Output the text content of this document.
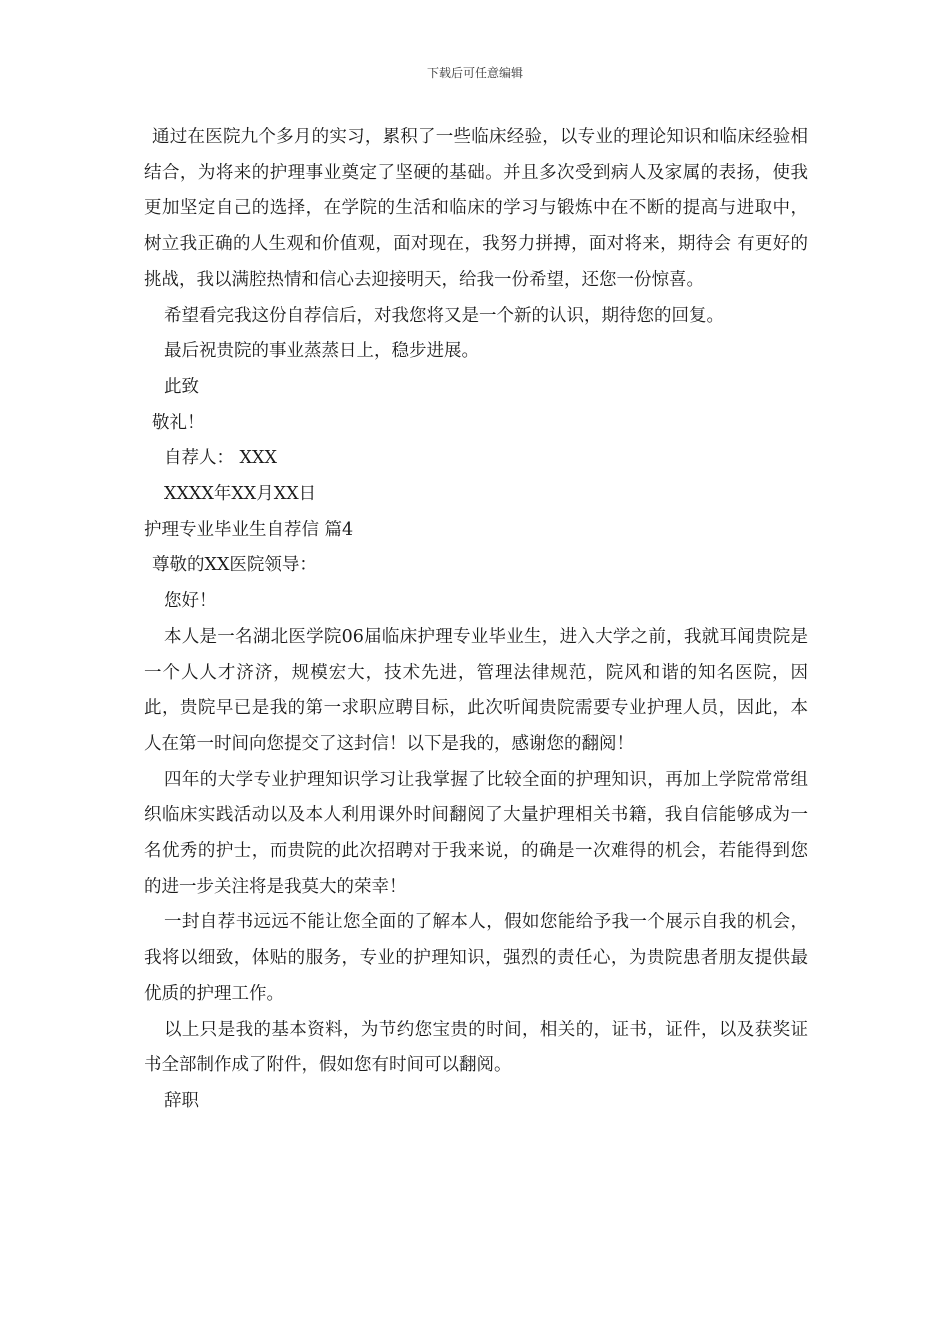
下载后可任意编辑

通过在医院九个多月的实习，累积了一些临床经验，以专业的理论知识和临床经验相结合，为将来的护理事业奠定了坚硬的基础。并且多次受到病人及家属的表扬，使我更加坚定自己的选择，在学院的生活和临床的学习与锻炼中在不断的提高与进取中，树立我正确的人生观和价值观，面对现在，我努力拼搏，面对将来，期待会 有更好的挑战，我以满腔热情和信心去迎接明天，给我一份希望，还您一份惊喜。

希望看完我这份自荐信后，对我您将又是一个新的认识，期待您的回复。

最后祝贵院的事业蒸蒸日上，稳步进展。

此致

敬礼！

自荐人： XXX

XXXX年XX月XX日

护理专业毕业生自荐信 篇4

尊敬的XX医院领导：

您好！

本人是一名湖北医学院06届临床护理专业毕业生，进入大学之前，我就耳闻贵院是一个人人才济济，规模宏大，技术先进，管理法律规范，院风和谐的知名医院，因此，贵院早已是我的第一求职应聘目标，此次听闻贵院需要专业护理人员，因此，本人在第一时间向您提交了这封信！以下是我的，感谢您的翻阅！

四年的大学专业护理知识学习让我掌握了比较全面的护理知识，再加上学院常常组织临床实践活动以及本人利用课外时间翻阅了大量护理相关书籍，我自信能够成为一名优秀的护士，而贵院的此次招聘对于我来说，的确是一次难得的机会，若能得到您的进一步关注将是我莫大的荣幸！

一封自荐书远远不能让您全面的了解本人，假如您能给予我一个展示自我的机会，我将以细致，体贴的服务，专业的护理知识，强烈的责任心，为贵院患者朋友提供最优质的护理工作。

以上只是我的基本资料，为节约您宝贵的时间，相关的，证书，证件，以及获奖证书全部制作成了附件，假如您有时间可以翻阅。

辞职
